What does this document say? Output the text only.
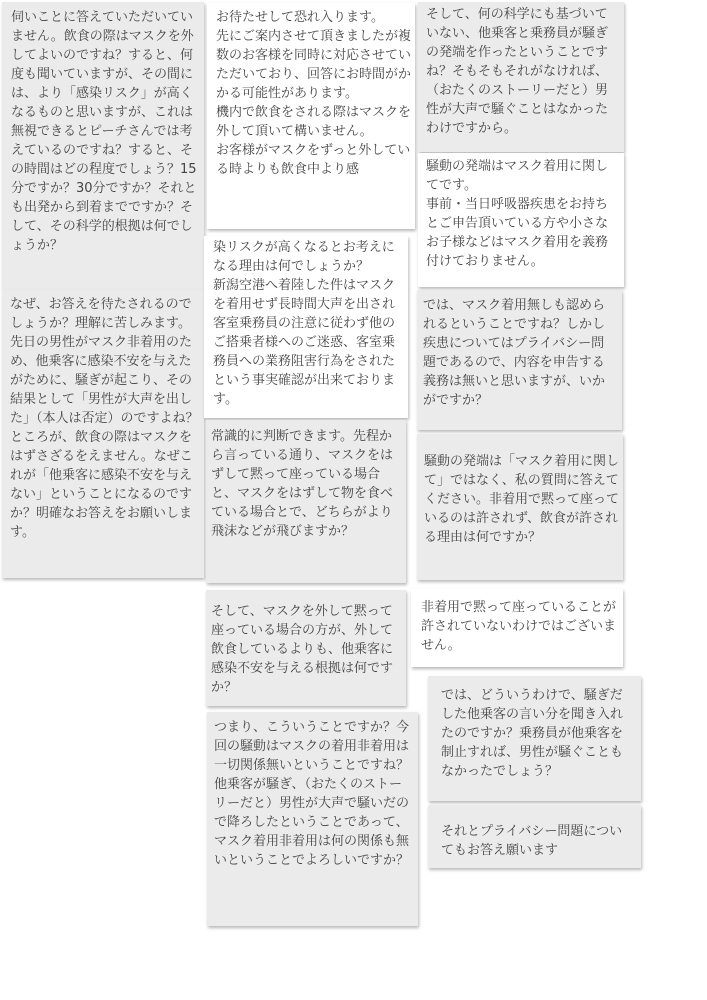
伺いことに答えていただいていません。飲食の際はマスクを外してよいのですね？すると、何度も聞いていますが、その間には、より「感染リスク」が高くなるものと思いますが、これは無視できるとピーチさんでは考えているのですね？すると、その時間はどの程度でしょう？15分ですか？30分ですか？それとも出発から到着までですか？そして、その科学的根拠は何でしょうか？
なぜ、お答えを待たされるのでしょうか？理解に苦しみます。先日の男性がマスク非着用のため、他乗客に感染不安を与えたがために、騒ぎが起こり、その結果として「男性が大声を出した」（本人は否定）のですよね？ところが、飲食の際はマスクをはずさざるをえません。なぜこれが「他乗客に感染不安を与えない」ということになるのですか？明確なお答えをお願いします。
お待たせして恐れ入ります。
先にご案内させて頂きましたが複数のお客様を同時に対応させていただいており、回答にお時間がかかる可能性があります。
機内で飲食をされる際はマスクを外して頂いて構いません。
お客様がマスクをずっと外している時よりも飲食中より感
染リスクが高くなるとお考えになる理由は何でしょうか？
新潟空港へ着陸した件はマスクを着用せず長時間大声を出され客室乗務員の注意に従わず他のご搭乗者様へのご迷惑、客室乗務員への業務阻害行為をされたという事実確認が出来ております。
常識的に判断できます。先程から言っている通り、マスクをはずして黙って座っている場合と、マスクをはずして物を食べている場合とで、どちらがより飛沫などが飛びますか？
そして、マスクを外して黙って座っている場合の方が、外して飲食しているよりも、他乗客に感染不安を与える根拠は何ですか？
つまり、こういうことですか？今回の騒動はマスクの着用非着用は一切関係無いということですね？他乗客が騒ぎ、（おたくのストーリーだと）男性が大声で騒いだので降ろしたということであって、マスク着用非着用は何の関係も無いということでよろしいですか？
そして、何の科学にも基づいていない、他乗客と乗務員が騒ぎの発端を作ったということですね？そもそもそれがなければ、（おたくのストーリーだと）男性が大声で騒ぐことはなかったわけですから。
騒動の発端はマスク着用に関してです。
事前・当日呼吸器疾患をお持ちとご申告頂いている方や小さなお子様などはマスク着用を義務付けておりません。
では、マスク着用無しも認められるということですね？しかし疾患についてはプライバシー問題であるので、内容を申告する義務は無いと思いますが、いかがですか？
騒動の発端は「マスク着用に関して」ではなく、私の質問に答えてください。非着用で黙って座っているのは許されず、飲食が許される理由は何ですか？
非着用で黙って座っていることが許されていないわけではございません。
では、どういうわけで、騒ぎだした他乗客の言い分を聞き入れたのですか？乗務員が他乗客を制止すれば、男性が騒ぐこともなかったでしょう？
それとプライバシー問題についてもお答え願います
